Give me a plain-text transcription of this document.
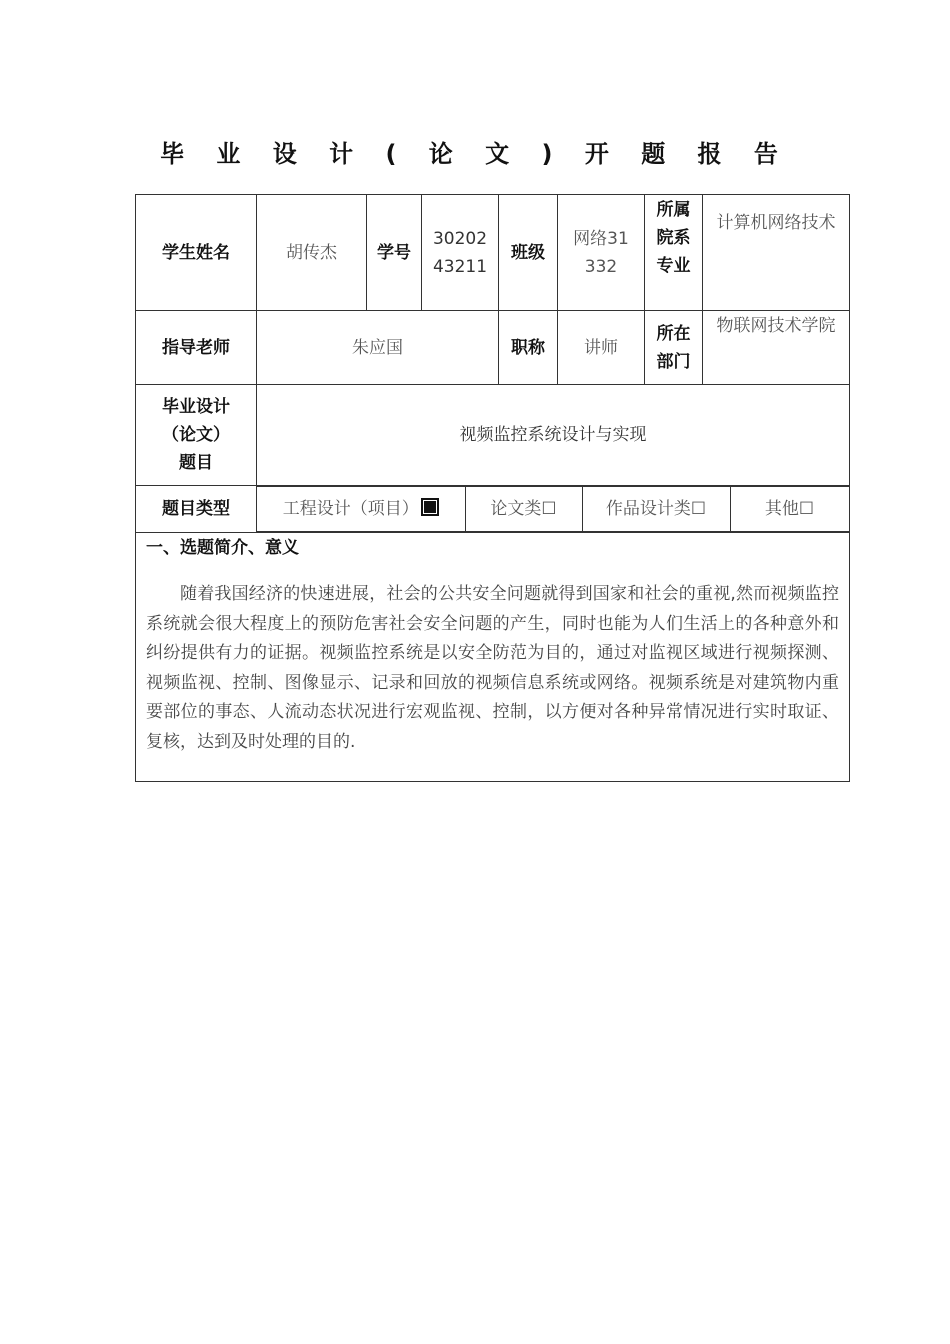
毕 业 设 计 ( 论 文 ) 开 题 报 告
学生姓名	胡传杰	学号	3020243211	班级	网络31332	所属院系专业	计算机网络技术
指导老师	朱应国	职称	讲师	所在部门	物联网技术学院
毕业设计（论文）题目	视频监控系统设计与实现
题目类型		工程设计（项目）	论文类☐	作品设计类☐	其他☐

一、选题简介、意义
随着我国经济的快速进展，社会的公共安全问题就得到国家和社会的重视,然而视频监控系统就会很大程度上的预防危害社会安全问题的产生，同时也能为人们生活上的各种意外和纠纷提供有力的证据。视频监控系统是以安全防范为目的，通过对监视区域进行视频探测、视频监视、控制、图像显示、记录和回放的视频信息系统或网络。视频系统是对建筑物内重要部位的事态、人流动态状况进行宏观监视、控制，以方便对各种异常情况进行实时取证、复核，达到及时处理的目的.
